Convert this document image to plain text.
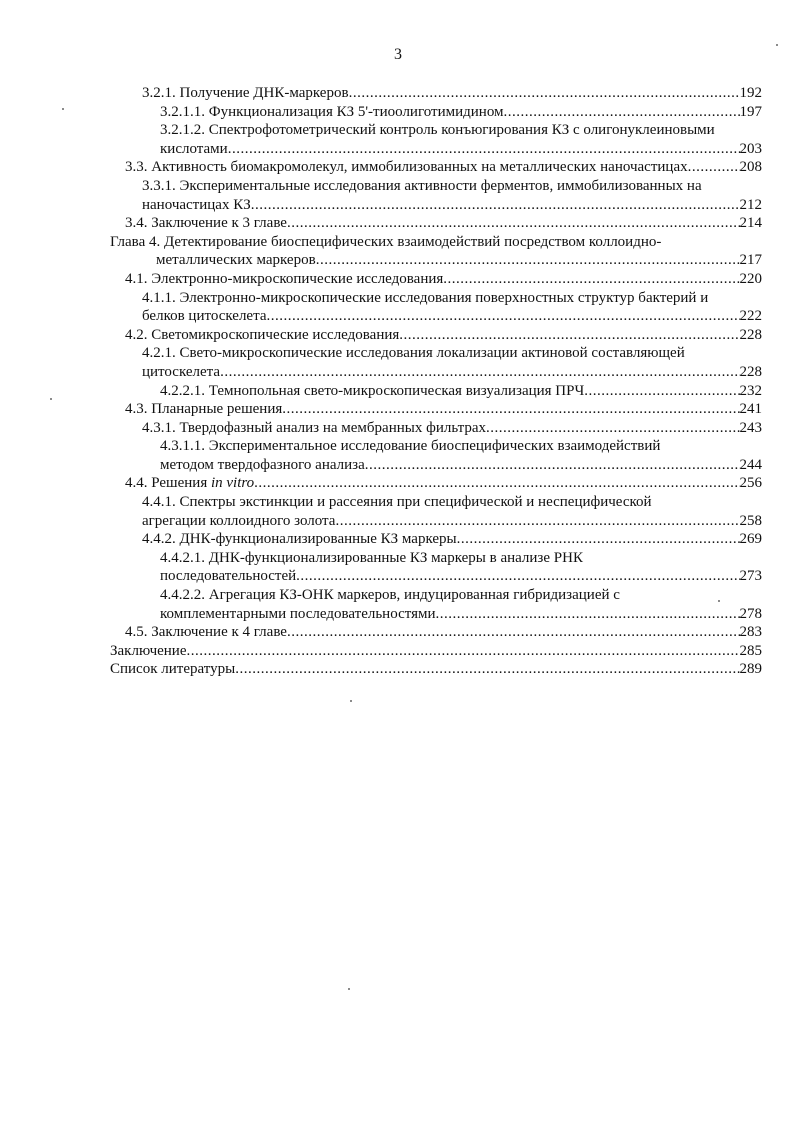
3
3.2.1. Получение ДНК-маркеров .....	192
3.2.1.1. Функционализация КЗ 5'-тиоолиготимидином .....	197
3.2.1.2. Спектрофотометрический контроль конъюгирования КЗ с олигонуклеиновыми
кислотами .....	203
3.3. Активность биомакромолекул, иммобилизованных на металлических наночастицах .....	208
3.3.1. Экспериментальные исследования активности ферментов, иммобилизованных на
наночастицах КЗ .....	212
3.4. Заключение к 3 главе .....	214
Глава 4. Детектирование биоспецифических взаимодействий посредством коллоидно-
металлических маркеров .....	217
4.1. Электронно-микроскопические исследования .....	220
4.1.1. Электронно-микроскопические исследования поверхностных структур бактерий и
белков цитоскелета .....	222
4.2. Светомикроскопические исследования .....	228
4.2.1. Свето-микроскопические исследования локализации актиновой составляющей
цитоскелета .....	228
4.2.2.1. Темнопольная свето-микроскопическая визуализация ПРЧ .....	232
4.3. Планарные решения .....	241
4.3.1. Твердофазный анализ на мембранных фильтрах .....	243
4.3.1.1. Экспериментальное исследование биоспецифических взаимодействий
методом твердофазного анализа .....	244
4.4. Решения in vitro .....	256
4.4.1. Спектры экстинкции и рассеяния при специфической и неспецифической
агрегации коллоидного золота .....	258
4.4.2. ДНК-функционализированные КЗ маркеры .....	269
4.4.2.1. ДНК-функционализированные КЗ маркеры в анализе РНК
последовательностей .....	273
4.4.2.2. Агрегация КЗ-ОНК маркеров, индуцированная гибридизацией с
комплементарными последовательностями .....	278
4.5. Заключение к 4 главе .....	283
Заключение .....	285
Список литературы .....	289
